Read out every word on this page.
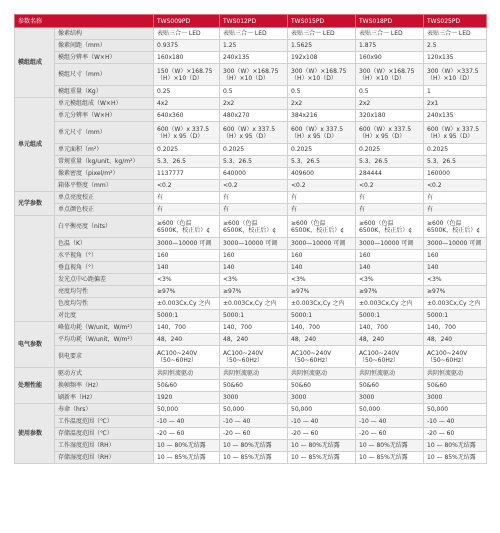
参数名称		TWS009PD	TWS012PD	TWS015PD	TWS018PD	TWS025PD
模组组成	像素结构	表贴三合一 LED	表贴三合一 LED	表贴三合一 LED	表贴三合一 LED	表贴三合一 LED
	像素间距（mm）	0.9375	1.25	1.5625	1.875	2.5
	模组分辨率（W×H）	160x180	240x135	192x108	160x90	120x135
	模组尺寸（mm）	150（W）×168.75（H）×10（D）	300（W）×168.75（H）×10（D）	300（W）×168.75（H）×10（D）	300（W）×168.75（H）×10（D）	300（W）×337.5（H）×10（D）
	模组重量（Kg）	0.25	0.5	0.5	0.5	1
单元组成	单元模组组成（W×H）	4x2	2x2	2x2	2x2	2x1
	单元分辨率（W×H）	640x360	480x270	384x216	320x180	240x135
	单元尺寸（mm）	600（W）x 337.5（H）x 95（D）	600（W）x 337.5（H）x 95（D）	600（W）x 337.5（H）x 95（D）	600（W）x 337.5（H）x 95（D）	600（W）x 337.5（H）x 95（D）
	单元面积（m²）	0.2025	0.2025	0.2025	0.2025	0.2025
	常规重量（kg/unit、kg/m²）	5.3、26.5	5.3、26.5	5.3、26.5	5.3、26.5	5.3、26.5
	像素密度（pixel/m²）	1137777	640000	409600	284444	160000
	箱体平整度（mm）	<0.2	<0.2	<0.2	<0.2	<0.2
光学参数	单点亮度校正	有	有	有	有	有
	单点颜色校正	有	有	有	有	有
	白平衡亮度（nits）	≥600（色温 6500K，校正后）¢	≥600（色温 6500K，校正后）¢	≥600（色温 6500K，校正后）¢	≥600（色温 6500K，校正后）¢	≥600（色温 6500K，校正后）¢
	色温（K）	3000—10000 可调	3000—10000 可调	3000—10000 可调	3000—10000 可调	3000—10000 可调
	水平视角（°）	160	160	160	160	160
	垂直视角（°）	140	140	140	140	140
	发光点中心距偏差	<3%	<3%	<3%	<3%	<3%
	亮度均匀性	≥97%	≥97%	≥97%	≥97%	≥97%
	色度均匀性	±0.003Cx,Cy 之内	±0.003Cx,Cy 之内	±0.003Cx,Cy 之内	±0.003Cx,Cy 之内	±0.003Cx,Cy 之内
	对比度	5000:1	5000:1	5000:1	5000:1	5000:1
电气参数	峰值功耗（W/unit，W/m²）	140，700	140，700	140，700	140，700	140，700
	平均功耗（W/unit，W/m²）	48，240	48，240	48，240	48，240	48，240
	供电要求	AC100~240V（50~60Hz）	AC100~240V（50~60Hz）	AC100~240V（50~60Hz）	AC100~240V（50~60Hz）	AC100~240V（50~60Hz）
处理性能	驱动方式	共阴恒流驱动	共阴恒流驱动	共阴恒流驱动	共阴恒流驱动	共阴恒流驱动
	换帧频率（Hz）	50&60	50&60	50&60	50&60	50&60
	刷新率（Hz）	1920	3000	3000	3000	3000
使用参数	寿命（hrs）	50,000	50,000	50,000	50,000	50,000
	工作温度范围（℃）	-10 — 40	-10 — 40	-10 — 40	-10 — 40	-10 — 40
	存储温度范围（℃）	-20 — 60	-20 — 60	-20 — 60	-20 — 60	-20 — 60
	工作湿度范围（RH）	10 — 80%无结露	10 — 80%无结露	10 — 80%无结露	10 — 80%无结露	10 — 80%无结露
	存储湿度范围（RH）	10 — 85%无结露	10 — 85%无结露	10 — 85%无结露	10 — 85%无结露	10 — 85%无结露
